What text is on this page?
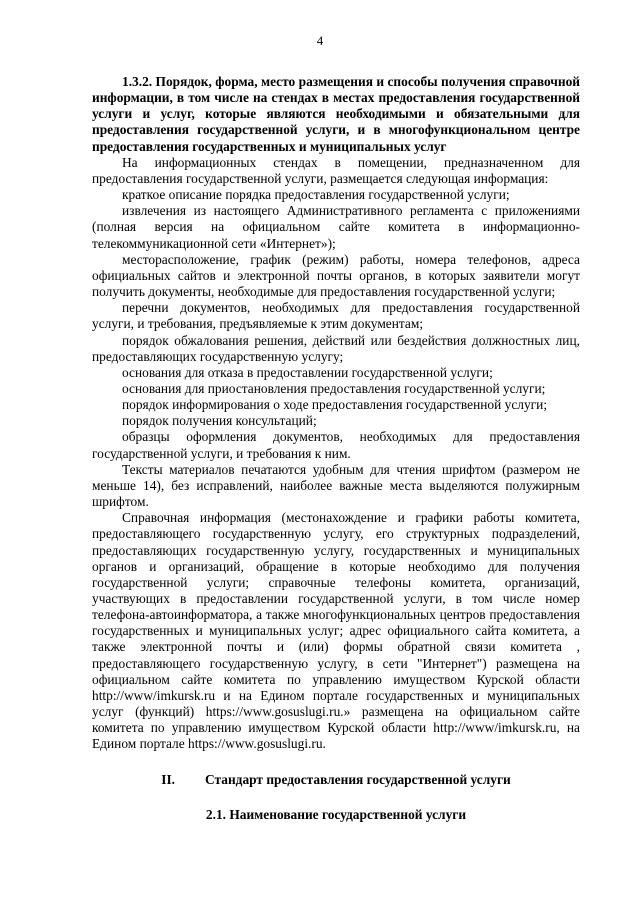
4

1.3.2. Порядок, форма, место размещения и способы получения справочной информации, в том числе на стендах в местах предоставления государственной услуги и услуг, которые являются необходимыми и обязательными для предоставления государственной услуги, и в многофункциональном центре предоставления государственных и муниципальных услуг

На информационных стендах в помещении, предназначенном для предоставления государственной услуги, размещается следующая информация:

краткое описание порядка предоставления государственной услуги;

извлечения из настоящего Административного регламента с приложениями (полная версия на официальном сайте комитета в информационно-телекоммуникационной сети «Интернет»);

месторасположение, график (режим) работы, номера телефонов, адреса официальных сайтов и электронной почты органов, в которых заявители могут получить документы, необходимые для предоставления государственной услуги;

перечни документов, необходимых для предоставления государственной услуги, и требования, предъявляемые к этим документам;

порядок обжалования решения, действий или бездействия должностных лиц, предоставляющих государственную услугу;

основания для отказа в предоставлении государственной услуги;

основания для приостановления предоставления государственной услуги;

порядок информирования о ходе предоставления государственной услуги;

порядок получения консультаций;

образцы оформления документов, необходимых для предоставления государственной услуги, и требования к ним.

Тексты материалов печатаются удобным для чтения шрифтом (размером не меньше 14), без исправлений, наиболее важные места выделяются полужирным шрифтом.

Справочная информация (местонахождение и графики работы комитета, предоставляющего государственную услугу, его структурных подразделений, предоставляющих государственную услугу, государственных и муниципальных органов и организаций, обращение в которые необходимо для получения государственной услуги; справочные телефоны комитета, организаций, участвующих в предоставлении государственной услуги, в том числе номер телефона-автоинформатора, а также многофункциональных центров предоставления государственных и муниципальных услуг; адрес официального сайта комитета, а также электронной почты и (или) формы обратной связи комитета , предоставляющего государственную услугу, в сети "Интернет") размещена на официальном сайте комитета по управлению имуществом Курской области http://www/imkursk.ru и на Едином портале государственных и муниципальных услуг (функций) https://www.gosuslugi.ru.» размещена на официальном сайте комитета по управлению имуществом Курской области http://www/imkursk.ru, на Едином портале https://www.gosuslugi.ru.

II. Стандарт предоставления государственной услуги
2.1. Наименование государственной услуги
